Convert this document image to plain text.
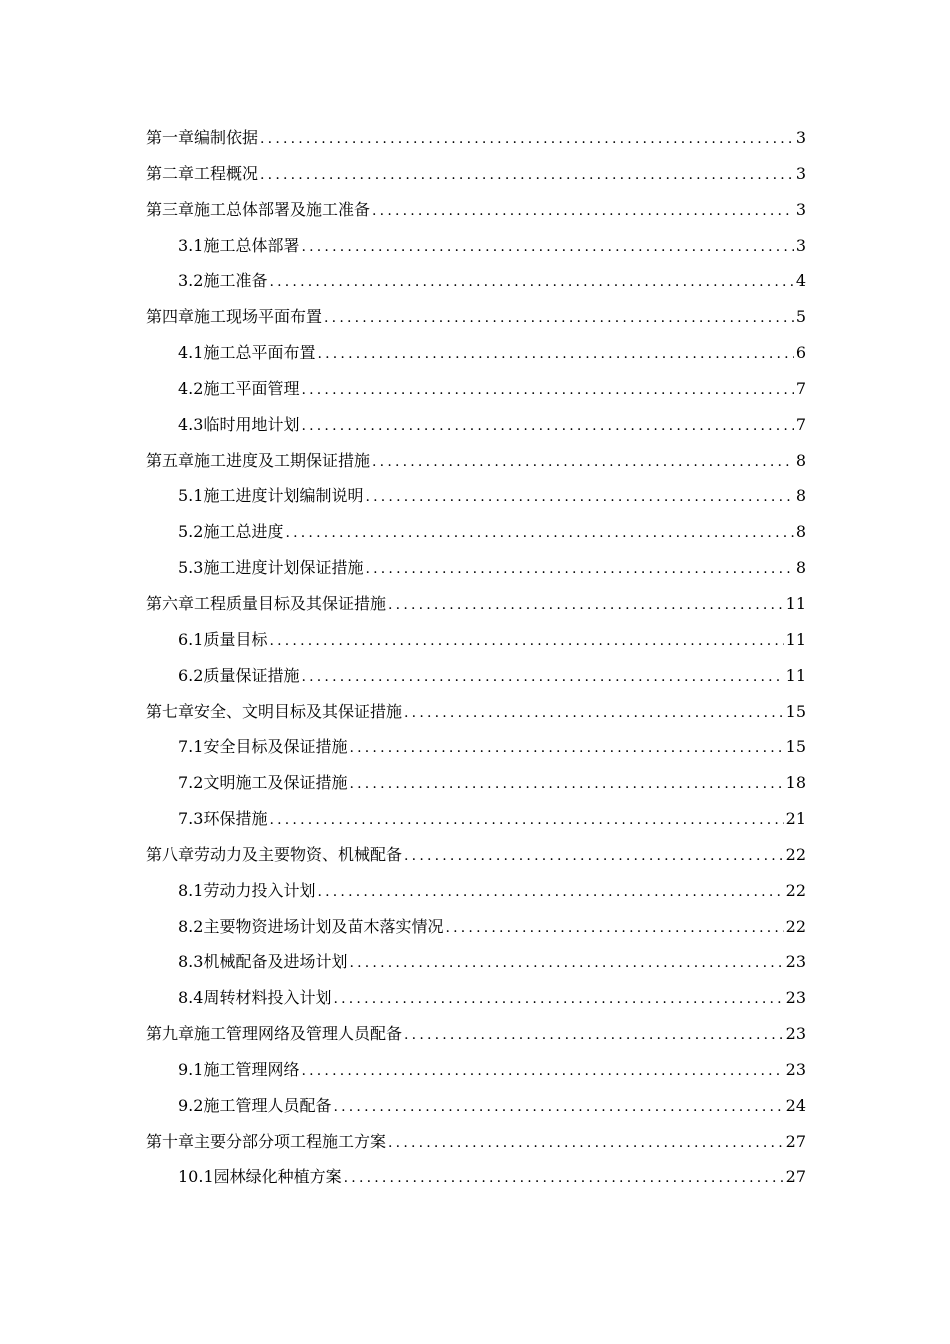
第一章 编制依据 .....	3
第二章 工程概况 .....	3
第三章 施工总体部署及施工准备 .....	3
3.1 施工总体部署 .....	3
3.2 施工准备 .....	4
第四章 施工现场平面布置 .....	5
4.1 施工总平面布置 .....	6
4.2 施工平面管理 .....	7
4.3 临时用地计划 .....	7
第五章 施工进度及工期保证措施 .....	8
5.1 施工进度计划编制说明 .....	8
5.2 施工总进度 .....	8
5.3 施工进度计划保证措施 .....	8
第六章 工程质量目标及其保证措施 .....	11
6.1 质量目标 .....	11
6.2 质量保证措施 .....	11
第七章 安全、文明目标及其保证措施 .....	15
7.1 安全目标及保证措施 .....	15
7.2 文明施工及保证措施 .....	18
7.3 环保措施 .....	21
第八章 劳动力及主要物资、机械配备 .....	22
8.1 劳动力投入计划 .....	22
8.2 主要物资进场计划及苗木落实情况 .....	22
8.3 机械配备及进场计划 .....	23
8.4 周转材料投入计划 .....	23
第九章 施工管理网络及管理人员配备 .....	23
9.1 施工管理网络 .....	23
9.2 施工管理人员配备 .....	24
第十章 主要分部分项工程施工方案 .....	27
10.1 园林绿化种植方案 .....	27
